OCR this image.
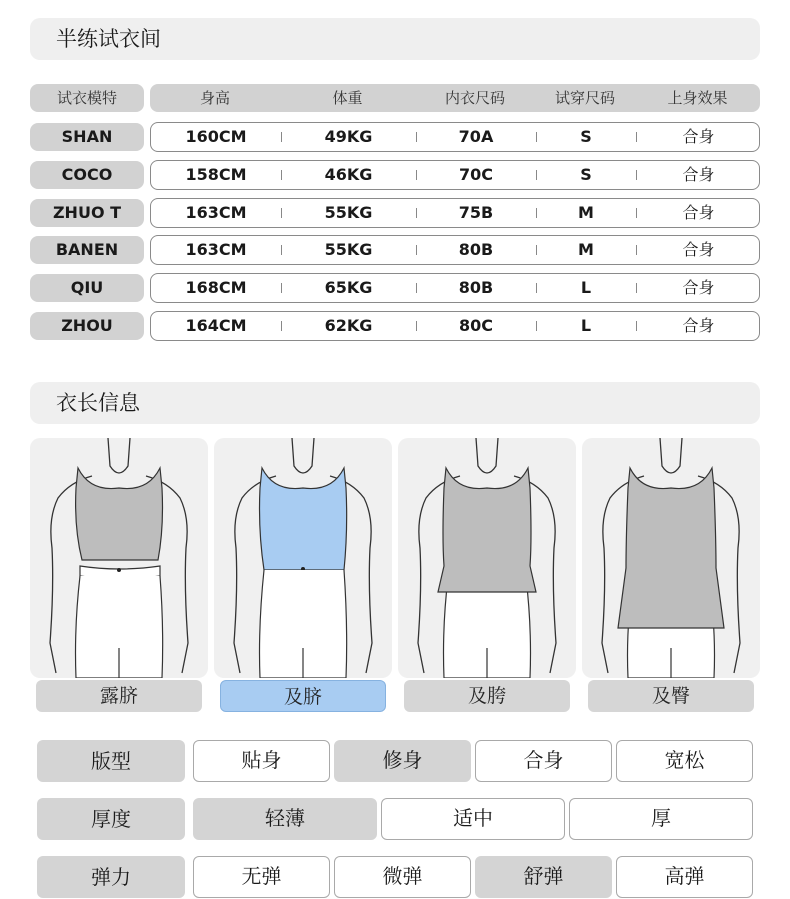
半练试衣间
试衣模特	身高	体重	内衣尺码	试穿尺码	上身效果
SHAN	160CM	49KG	70A	S	合身
COCO	158CM	46KG	70C	S	合身
ZHUO T	163CM	55KG	75B	M	合身
BANEN	163CM	55KG	80B	M	合身
QIU	168CM	65KG	80B	L	合身
ZHOU	164CM	62KG	80C	L	合身
衣长信息
露脐	及脐	及胯	及臀
版型	贴身	修身	合身	宽松
厚度	轻薄	适中	厚
弹力	无弹	微弹	舒弹	高弹
